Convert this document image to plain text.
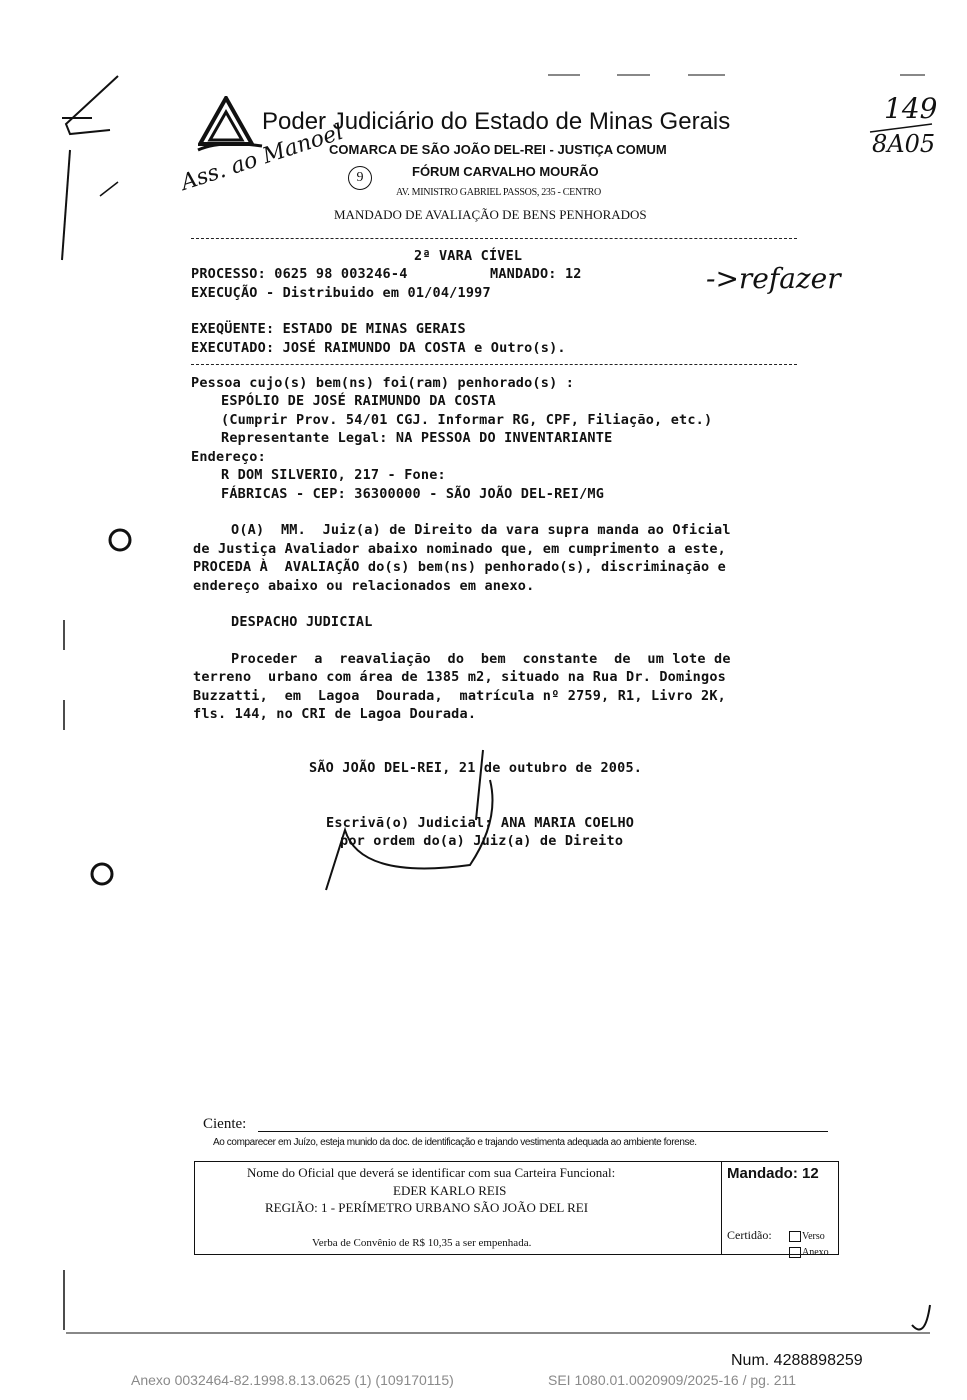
Poder Judiciário do Estado de Minas Gerais
COMARCA DE SÃO JOÃO DEL-REI - JUSTIÇA COMUM
FÓRUM CARVALHO MOURÃO
9
AV. MINISTRO GABRIEL PASSOS, 235 - CENTRO
MANDADO DE AVALIAÇÃO DE BENS PENHORADOS
Ass. ao Manoel
149
8A05
->refazer
2ª VARA CÍVEL
PROCESSO: 0625 98 003246-4	MANDADO: 12
EXECUÇÃO - Distribuido em 01/04/1997
EXEQÜENTE: ESTADO DE MINAS GERAIS
EXECUTADO: JOSÉ RAIMUNDO DA COSTA e Outro(s).
Pessoa cujo(s) bem(ns) foi(ram) penhorado(s) :
ESPÓLIO DE JOSÉ RAIMUNDO DA COSTA
(Cumprir Prov. 54/01 CGJ. Informar RG, CPF, Filiação, etc.)
Representante Legal: NA PESSOA DO INVENTARIANTE
Endereço:
R DOM SILVERIO, 217 - Fone:
FÁBRICAS - CEP: 36300000 - SÃO JOÃO DEL-REI/MG
O(A)  MM.  Juiz(a) de Direito da vara supra manda ao Oficial
de Justiça Avaliador abaixo nominado que, em cumprimento a este,
PROCEDA À  AVALIAÇÃO do(s) bem(ns) penhorado(s), discriminação e
endereço abaixo ou relacionados em anexo.
DESPACHO JUDICIAL
Proceder  a  reavaliação  do  bem  constante  de  um lote de
terreno  urbano com área de 1385 m2, situado na Rua Dr. Domingos
Buzzatti,  em  Lagoa  Dourada,  matrícula nº 2759, R1, Livro 2K,
fls. 144, no CRI de Lagoa Dourada.
SÃO JOÃO DEL-REI, 21 de outubro de 2005.
Escrivã(o) Judicial: ANA MARIA COELHO
por ordem do(a) Juiz(a) de Direito
Ciente:
Ao comparecer em Juízo, esteja munido da doc. de identificação e trajando vestimenta adequada ao ambiente forense.
Nome do Oficial que deverá se identificar com sua Carteira Funcional:
EDER KARLO REIS
REGIÃO: 1 - PERÍMETRO URBANO SÃO JOÃO DEL REI
Verba de Convênio de R$ 10,35 a ser empenhada.
Mandado: 12
Certidão:	Verso

Anexo

Num. 4288898259
Anexo 0032464-82.1998.8.13.0625 (1) (109170115)	SEI 1080.01.0020909/2025-16 / pg. 211
